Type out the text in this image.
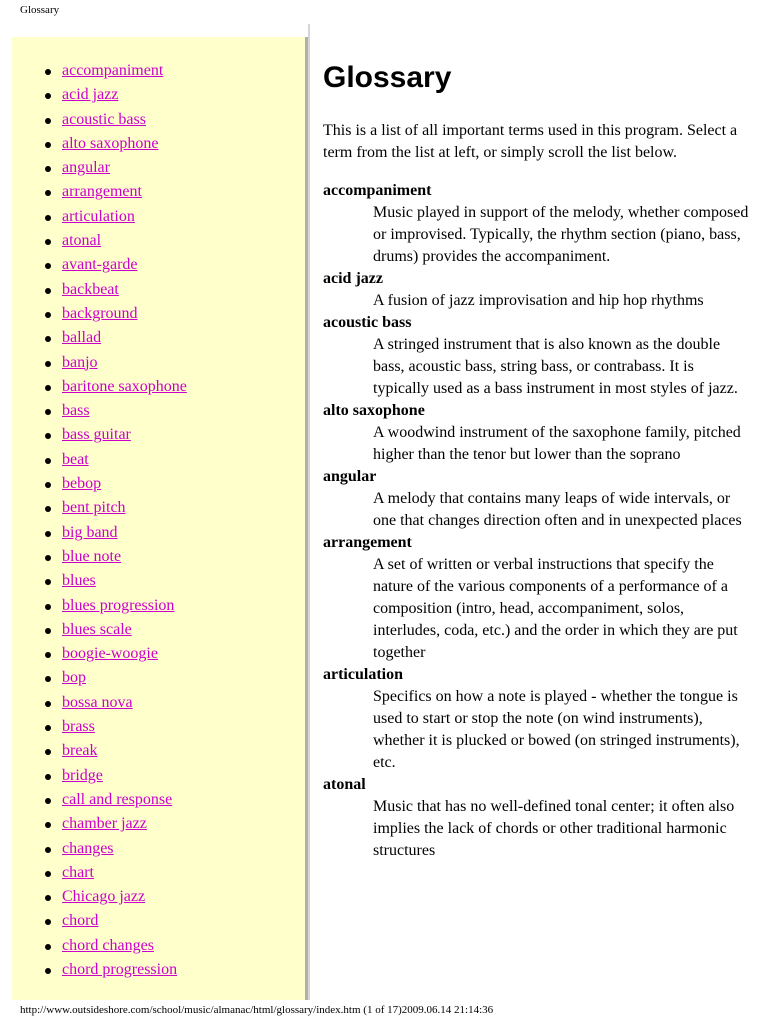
Glossary
accompaniment
acid jazz
acoustic bass
alto saxophone
angular
arrangement
articulation
atonal
avant-garde
backbeat
background
ballad
banjo
baritone saxophone
bass
bass guitar
beat
bebop
bent pitch
big band
blue note
blues
blues progression
blues scale
boogie-woogie
bop
bossa nova
brass
break
bridge
call and response
chamber jazz
changes
chart
Chicago jazz
chord
chord changes
chord progression
Glossary

This is a list of all important terms used in this program. Select a term from the list at left, or simply scroll the list below.

accompaniment
Music played in support of the melody, whether composed or improvised. Typically, the rhythm section (piano, bass, drums) provides the accompaniment.
acid jazz
A fusion of jazz improvisation and hip hop rhythms
acoustic bass
A stringed instrument that is also known as the double bass, acoustic bass, string bass, or contrabass. It is typically used as a bass instrument in most styles of jazz.
alto saxophone
A woodwind instrument of the saxophone family, pitched higher than the tenor but lower than the soprano
angular
A melody that contains many leaps of wide intervals, or one that changes direction often and in unexpected places
arrangement
A set of written or verbal instructions that specify the nature of the various components of a performance of a composition (intro, head, accompaniment, solos, interludes, coda, etc.) and the order in which they are put together
articulation
Specifics on how a note is played - whether the tongue is used to start or stop the note (on wind instruments), whether it is plucked or bowed (on stringed instruments), etc.
atonal
Music that has no well-defined tonal center; it often also implies the lack of chords or other traditional harmonic structures
http://www.outsideshore.com/school/music/almanac/html/glossary/index.htm (1 of 17)2009.06.14 21:14:36
